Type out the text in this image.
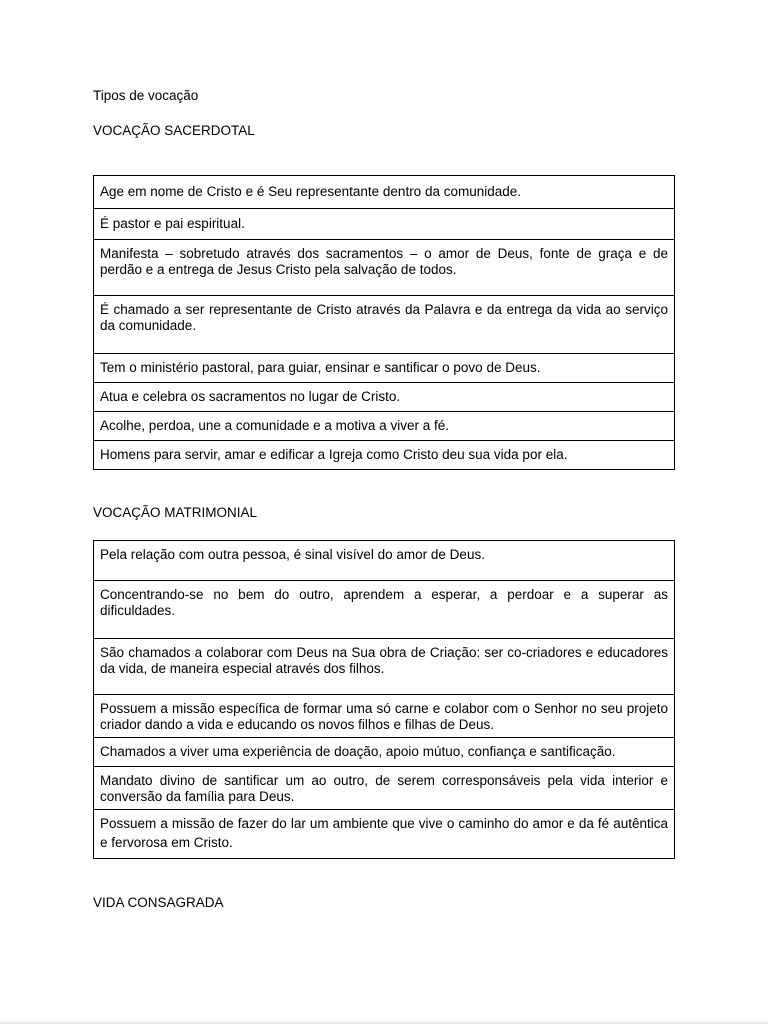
Tipos de vocação

VOCAÇÃO SACERDOTAL

Age em nome de Cristo e é Seu representante dentro da comunidade.
É pastor e pai espiritual.
Manifesta – sobretudo através dos sacramentos – o amor de Deus, fonte de graça e de perdão e a entrega de Jesus Cristo pela salvação de todos.
É chamado a ser representante de Cristo através da Palavra e da entrega da vida ao serviço da comunidade.
Tem o ministério pastoral, para guiar, ensinar e santificar o povo de Deus.
Atua e celebra os sacramentos no lugar de Cristo.
Acolhe, perdoa, une a comunidade e a motiva a viver a fé.
Homens para servir, amar e edificar a Igreja como Cristo deu sua vida por ela.

VOCAÇÃO MATRIMONIAL

Pela relação com outra pessoa, é sinal visível do amor de Deus.
Concentrando-se no bem do outro, aprendem a esperar, a perdoar e a superar as dificuldades.
São chamados a colaborar com Deus na Sua obra de Criação: ser co-criadores e educadores da vida, de maneira especial através dos filhos.
Possuem a missão específica de formar uma só carne e colabor com o Senhor no seu projeto criador dando a vida e educando os novos filhos e filhas de Deus.
Chamados a viver uma experiência de doação, apoio mútuo, confiança e santificação.
Mandato divino de santificar um ao outro, de serem corresponsáveis pela vida interior e conversão da família para Deus.
Possuem a missão de fazer do lar um ambiente que vive o caminho do amor e da fé autêntica e fervorosa em Cristo.

VIDA CONSAGRADA
